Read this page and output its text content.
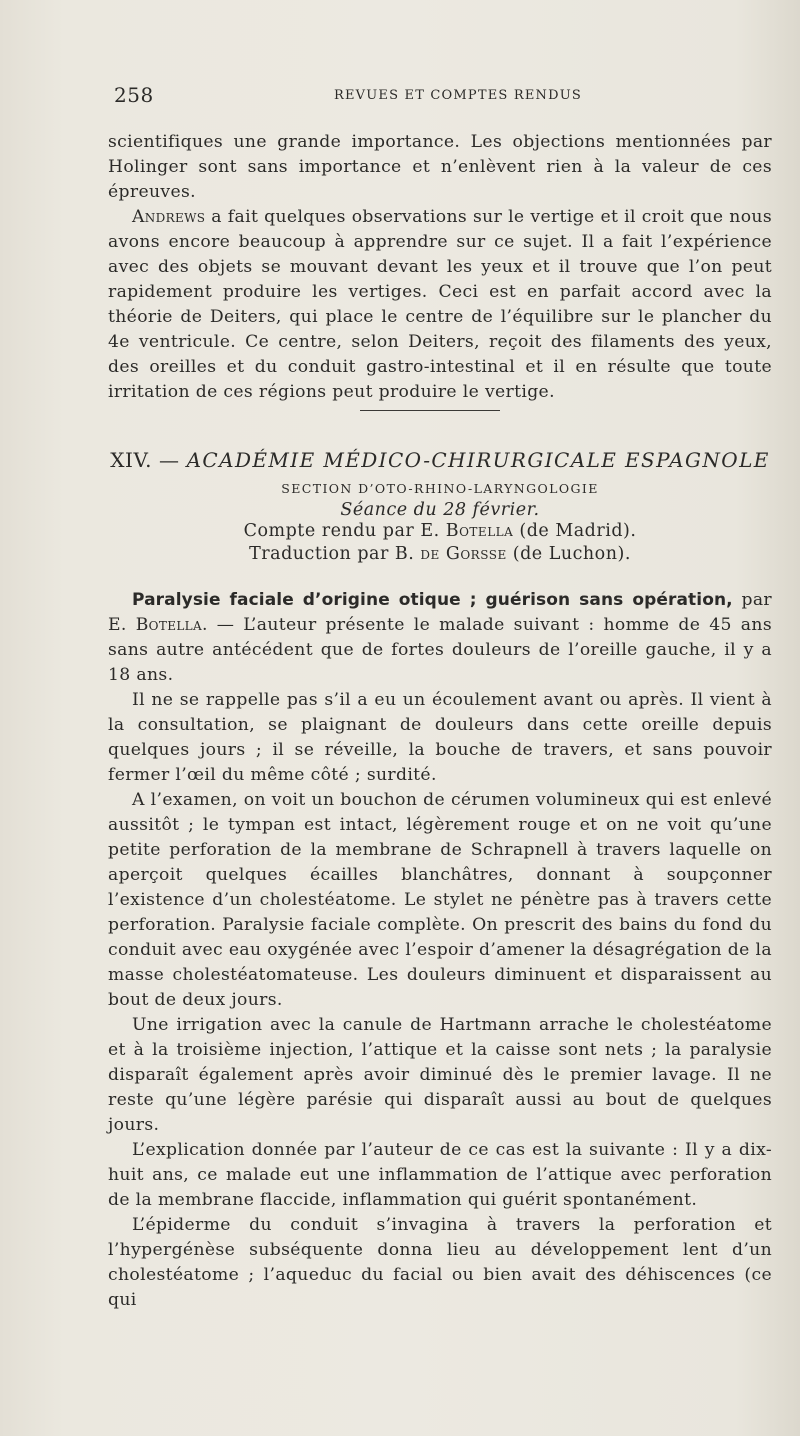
258	REVUES ET COMPTES RENDUS

scientifiques une grande importance. Les objections mentionnées par Holinger sont sans importance et n’enlèvent rien à la valeur de ces épreuves.

Andrews a fait quelques observations sur le vertige et il croit que nous avons encore beaucoup à apprendre sur ce sujet. Il a fait l’expérience avec des objets se mouvant devant les yeux et il trouve que l’on peut rapidement produire les vertiges. Ceci est en parfait accord avec la théorie de Deiters, qui place le centre de l’équilibre sur le plancher du 4e ventricule. Ce centre, selon Deiters, reçoit des filaments des yeux, des oreilles et du conduit gastro-intestinal et il en résulte que toute irritation de ces régions peut produire le vertige.

XIV. — ACADÉMIE MÉDICO-CHIRURGICALE ESPAGNOLE
SECTION D’OTO-RHINO-LARYNGOLOGIE
Séance du 28 février.
Compte rendu par E. Botella (de Madrid).
Traduction par B. de Gorsse (de Luchon).

Paralysie faciale d’origine otique ; guérison sans opération, par E. Botella. — L’auteur présente le malade suivant : homme de 45 ans sans autre antécédent que de fortes douleurs de l’oreille gauche, il y a 18 ans.

Il ne se rappelle pas s’il a eu un écoulement avant ou après. Il vient à la consultation, se plaignant de douleurs dans cette oreille depuis quelques jours ; il se réveille, la bouche de travers, et sans pouvoir fermer l’œil du même côté ; surdité.

A l’examen, on voit un bouchon de cérumen volumineux qui est enlevé aussitôt ; le tympan est intact, légèrement rouge et on ne voit qu’une petite perforation de la membrane de Schrapnell à travers laquelle on aperçoit quelques écailles blanchâtres, donnant à soupçonner l’existence d’un cholestéatome. Le stylet ne pénètre pas à travers cette perforation. Paralysie faciale complète. On prescrit des bains du fond du conduit avec eau oxygénée avec l’espoir d’amener la désagrégation de la masse cholestéatomateuse. Les douleurs diminuent et disparaissent au bout de deux jours.

Une irrigation avec la canule de Hartmann arrache le cholestéatome et à la troisième injection, l’attique et la caisse sont nets ; la paralysie disparaît également après avoir diminué dès le premier lavage. Il ne reste qu’une légère parésie qui disparaît aussi au bout de quelques jours.

L’explication donnée par l’auteur de ce cas est la suivante : Il y a dix-huit ans, ce malade eut une inflammation de l’attique avec perforation de la membrane flaccide, inflammation qui guérit spontanément.

L’épiderme du conduit s’invagina à travers la perforation et l’hypergénèse subséquente donna lieu au développement lent d’un cholestéatome ; l’aqueduc du facial ou bien avait des déhiscences (ce qui
